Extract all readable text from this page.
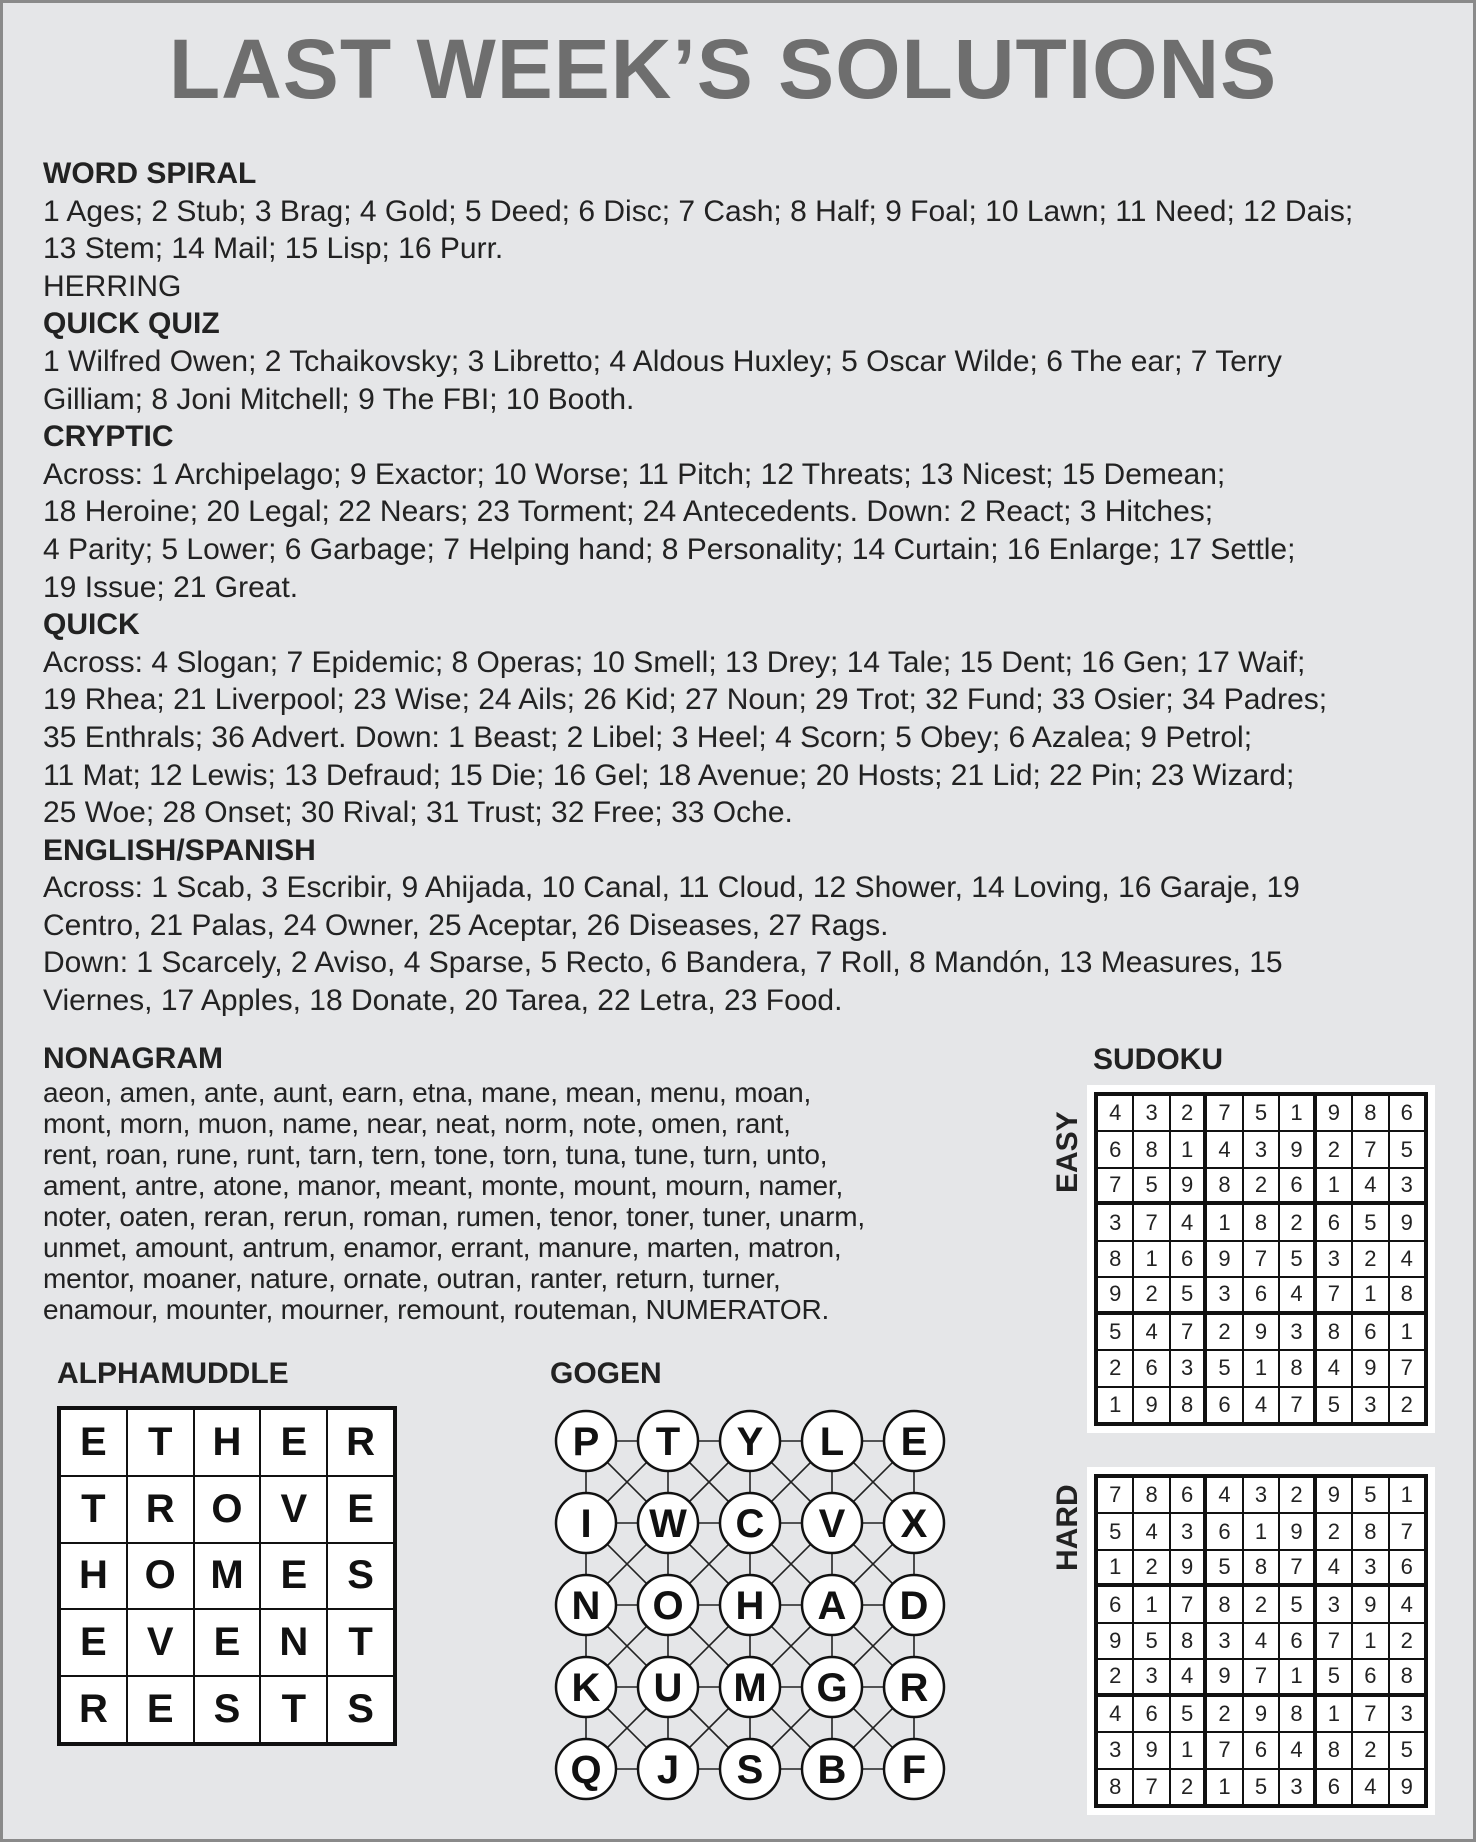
LAST WEEK’S SOLUTIONS

WORD SPIRAL

1 Ages; 2 Stub; 3 Brag; 4 Gold; 5 Deed; 6 Disc; 7 Cash; 8 Half; 9 Foal; 10 Lawn; 11 Need; 12 Dais;

13 Stem; 14 Mail; 15 Lisp; 16 Purr.

HERRING

QUICK QUIZ

1 Wilfred Owen; 2 Tchaikovsky; 3 Libretto; 4 Aldous Huxley; 5 Oscar Wilde; 6 The ear; 7 Terry

Gilliam; 8 Joni Mitchell; 9 The FBI; 10 Booth.

CRYPTIC

Across: 1 Archipelago; 9 Exactor; 10 Worse; 11 Pitch; 12 Threats; 13 Nicest; 15 Demean;

18 Heroine; 20 Legal; 22 Nears; 23 Torment; 24 Antecedents. Down: 2 React; 3 Hitches;

4 Parity; 5 Lower; 6 Garbage; 7 Helping hand; 8 Personality; 14 Curtain; 16 Enlarge; 17 Settle;

19 Issue; 21 Great.

QUICK

Across: 4 Slogan; 7 Epidemic; 8 Operas; 10 Smell; 13 Drey; 14 Tale; 15 Dent; 16 Gen; 17 Waif;

19 Rhea; 21 Liverpool; 23 Wise; 24 Ails; 26 Kid; 27 Noun; 29 Trot; 32 Fund; 33 Osier; 34 Padres;

35 Enthrals; 36 Advert. Down: 1 Beast; 2 Libel; 3 Heel; 4 Scorn; 5 Obey; 6 Azalea; 9 Petrol;

11 Mat; 12 Lewis; 13 Defraud; 15 Die; 16 Gel; 18 Avenue; 20 Hosts; 21 Lid; 22 Pin; 23 Wizard;

25 Woe; 28 Onset; 30 Rival; 31 Trust; 32 Free; 33 Oche.

ENGLISH/SPANISH

Across: 1 Scab, 3 Escribir, 9 Ahijada, 10 Canal, 11 Cloud, 12 Shower, 14 Loving, 16 Garaje, 19

Centro, 21 Palas, 24 Owner, 25 Aceptar, 26 Diseases, 27 Rags.

Down: 1 Scarcely, 2 Aviso, 4 Sparse, 5 Recto, 6 Bandera, 7 Roll, 8 Mandón, 13 Measures, 15

Viernes, 17 Apples, 18 Donate, 20 Tarea, 22 Letra, 23 Food.

NONAGRAM
aeon, amen, ante, aunt, earn, etna, mane, mean, menu, moan,
mont, morn, muon, name, near, neat, norm, note, omen, rant,
rent, roan, rune, runt, tarn, tern, tone, torn, tuna, tune, turn, unto,
ament, antre, atone, manor, meant, monte, mount, mourn, namer,
noter, oaten, reran, rerun, roman, rumen, tenor, toner, tuner, unarm,
unmet, amount, antrum, enamor, errant, manure, marten, matron,
mentor, moaner, nature, ornate, outran, ranter, return, turner,
enamour, mounter, mourner, remount, routeman, NUMERATOR.
ALPHAMUDDLE
E	T	H E R
T	R O V	E
H O M E	S
E	V	E N	T
R E	S	T	S
GOGEN
P T Y L E
I W C V X
N O H A D
K U M G R
Q J S B F
SUDOKU
EASY	4	3	2	7	5	1	9	8	6
6	8	1	4	3	9	2	7	5
7	5	9	8	2	6	1	4	3
3	7	4	1	8	2	6	5	9
8	1	6	9	7	5	3	2	4
9	2	5	3	6	4	7	1	8
5	4	7	2	9	3	8	6	1
2	6	3	5	1	8	4	9	7
1	9	8	6	4	7	5	3	2
HARD	7	8	6	4	3	2	9	5	1
5	4	3	6	1	9	2	8	7
1	2	9	5	8	7	4	3	6
6	1	7	8	2	5	3	9	4
9	5	8	3	4	6	7	1	2
2	3	4	9	7	1	5	6	8
4	6	5	2	9	8	1	7	3
3	9	1	7	6	4	8	2	5
8	7	2	1	5	3	6	4	9
